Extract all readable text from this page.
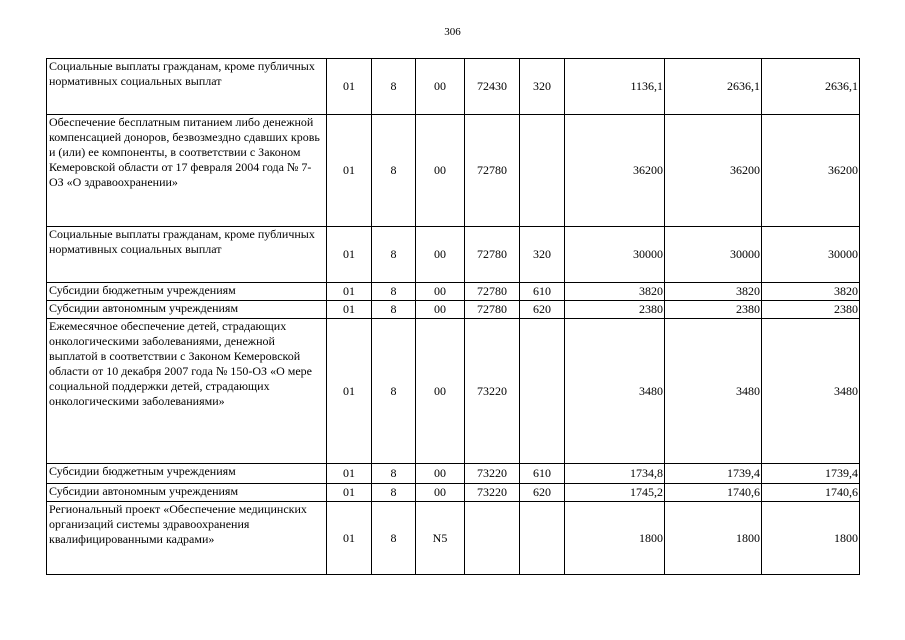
306
Социальные выплаты гражданам, кроме публичных нормативных социальных выплат	01	8	00	72430	320	1136,1	2636,1	2636,1
Обеспечение бесплатным питанием либо денежной компенсацией доноров, безвозмездно сдавших кровь и (или) ее компоненты, в соответствии с Законом Кемеровской области от 17 февраля 2004 года № 7-ОЗ «О здравоохранении»	01	8	00	72780		36200	36200	36200
Социальные выплаты гражданам, кроме публичных нормативных социальных выплат	01	8	00	72780	320	30000	30000	30000
Субсидии бюджетным учреждениям	01	8	00	72780	610	3820	3820	3820
Субсидии автономным учреждениям	01	8	00	72780	620	2380	2380	2380
Ежемесячное обеспечение детей, страдающих онкологическими заболеваниями, денежной выплатой в соответствии с Законом Кемеровской области от 10 декабря 2007 года № 150-ОЗ «О мере социальной поддержки детей, страдающих онкологическими заболеваниями»	01	8	00	73220		3480	3480	3480
Субсидии бюджетным учреждениям	01	8	00	73220	610	1734,8	1739,4	1739,4
Субсидии автономным учреждениям	01	8	00	73220	620	1745,2	1740,6	1740,6
Региональный проект «Обеспечение медицинских организаций системы здравоохранения квалифицированными кадрами»	01	8	N5			1800	1800	1800
